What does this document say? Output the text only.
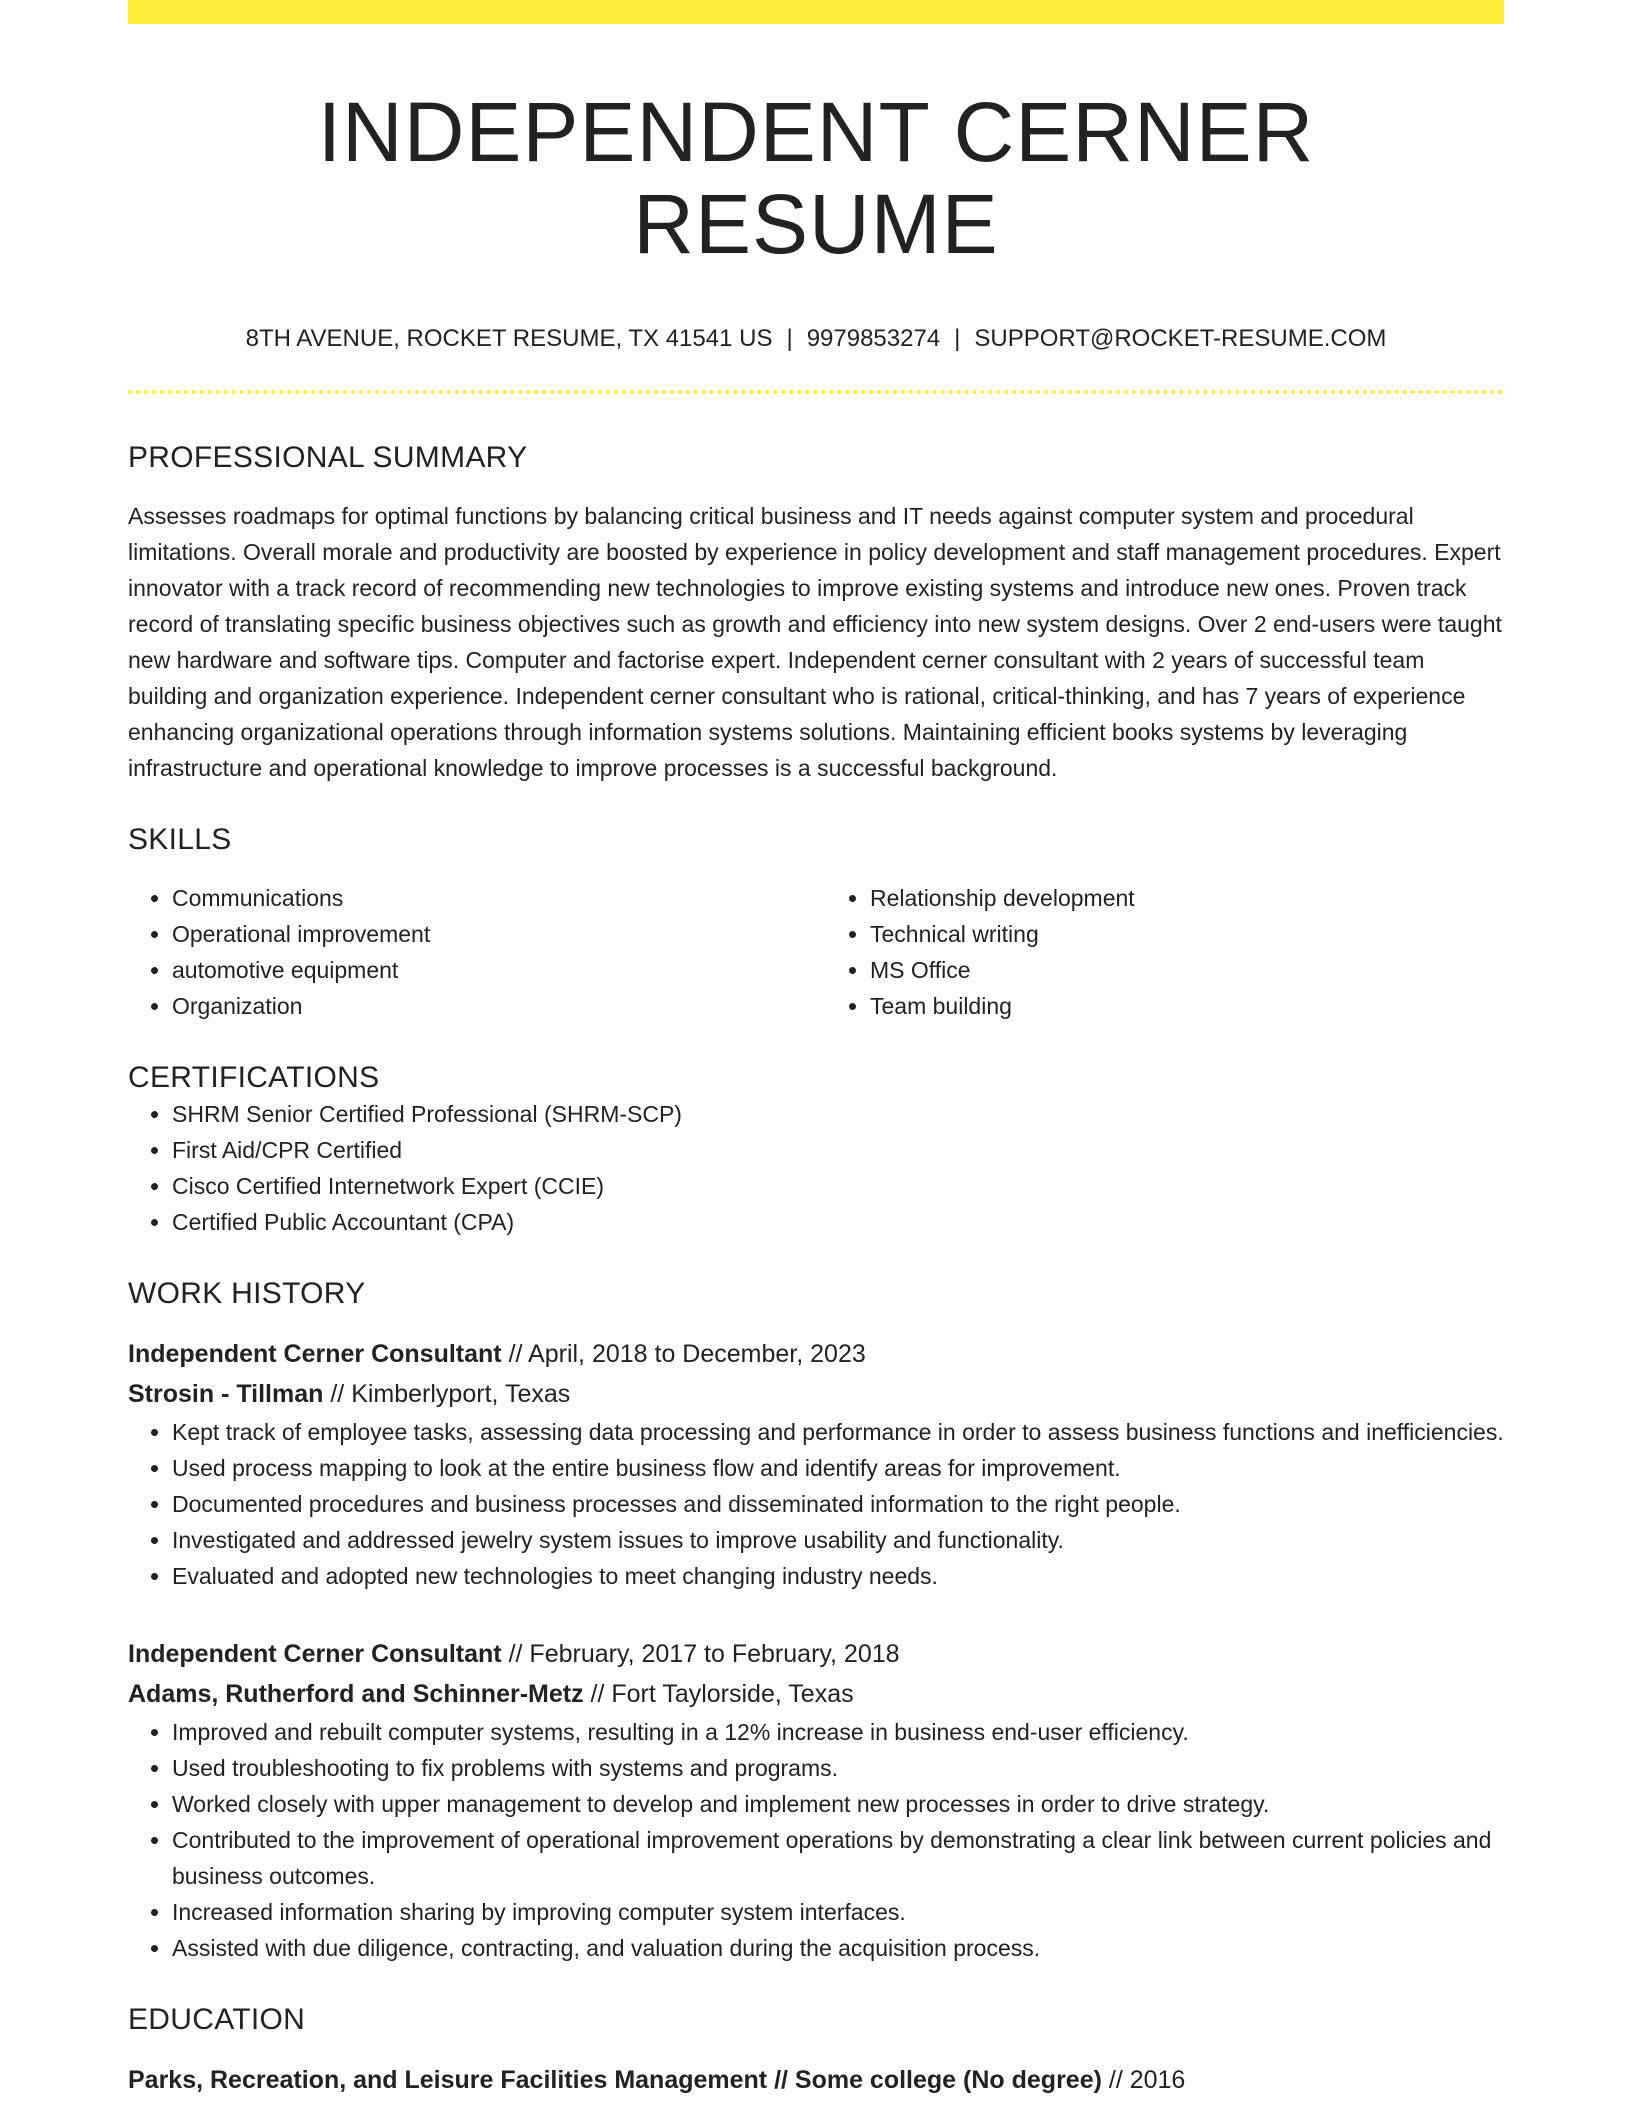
INDEPENDENT CERNER RESUME
8TH AVENUE, ROCKET RESUME, TX 41541 US | 9979853274 | SUPPORT@ROCKET-RESUME.COM
PROFESSIONAL SUMMARY
Assesses roadmaps for optimal functions by balancing critical business and IT needs against computer system and procedural limitations. Overall morale and productivity are boosted by experience in policy development and staff management procedures. Expert innovator with a track record of recommending new technologies to improve existing systems and introduce new ones. Proven track record of translating specific business objectives such as growth and efficiency into new system designs. Over 2 end-users were taught new hardware and software tips. Computer and factorise expert. Independent cerner consultant with 2 years of successful team building and organization experience. Independent cerner consultant who is rational, critical-thinking, and has 7 years of experience enhancing organizational operations through information systems solutions. Maintaining efficient books systems by leveraging infrastructure and operational knowledge to improve processes is a successful background.
SKILLS
• Communications
• Operational improvement
• automotive equipment
• Organization
• Relationship development
• Technical writing
• MS Office
• Team building
CERTIFICATIONS
• SHRM Senior Certified Professional (SHRM-SCP)
• First Aid/CPR Certified
• Cisco Certified Internetwork Expert (CCIE)
• Certified Public Accountant (CPA)
WORK HISTORY
Independent Cerner Consultant // April, 2018 to December, 2023
Strosin - Tillman // Kimberlyport, Texas
• Kept track of employee tasks, assessing data processing and performance in order to assess business functions and inefficiencies.
• Used process mapping to look at the entire business flow and identify areas for improvement.
• Documented procedures and business processes and disseminated information to the right people.
• Investigated and addressed jewelry system issues to improve usability and functionality.
• Evaluated and adopted new technologies to meet changing industry needs.
Independent Cerner Consultant // February, 2017 to February, 2018
Adams, Rutherford and Schinner-Metz // Fort Taylorside, Texas
• Improved and rebuilt computer systems, resulting in a 12% increase in business end-user efficiency.
• Used troubleshooting to fix problems with systems and programs.
• Worked closely with upper management to develop and implement new processes in order to drive strategy.
• Contributed to the improvement of operational improvement operations by demonstrating a clear link between current policies and business outcomes.
• Increased information sharing by improving computer system interfaces.
• Assisted with due diligence, contracting, and valuation during the acquisition process.
EDUCATION
Parks, Recreation, and Leisure Facilities Management // Some college (No degree) // 2016
